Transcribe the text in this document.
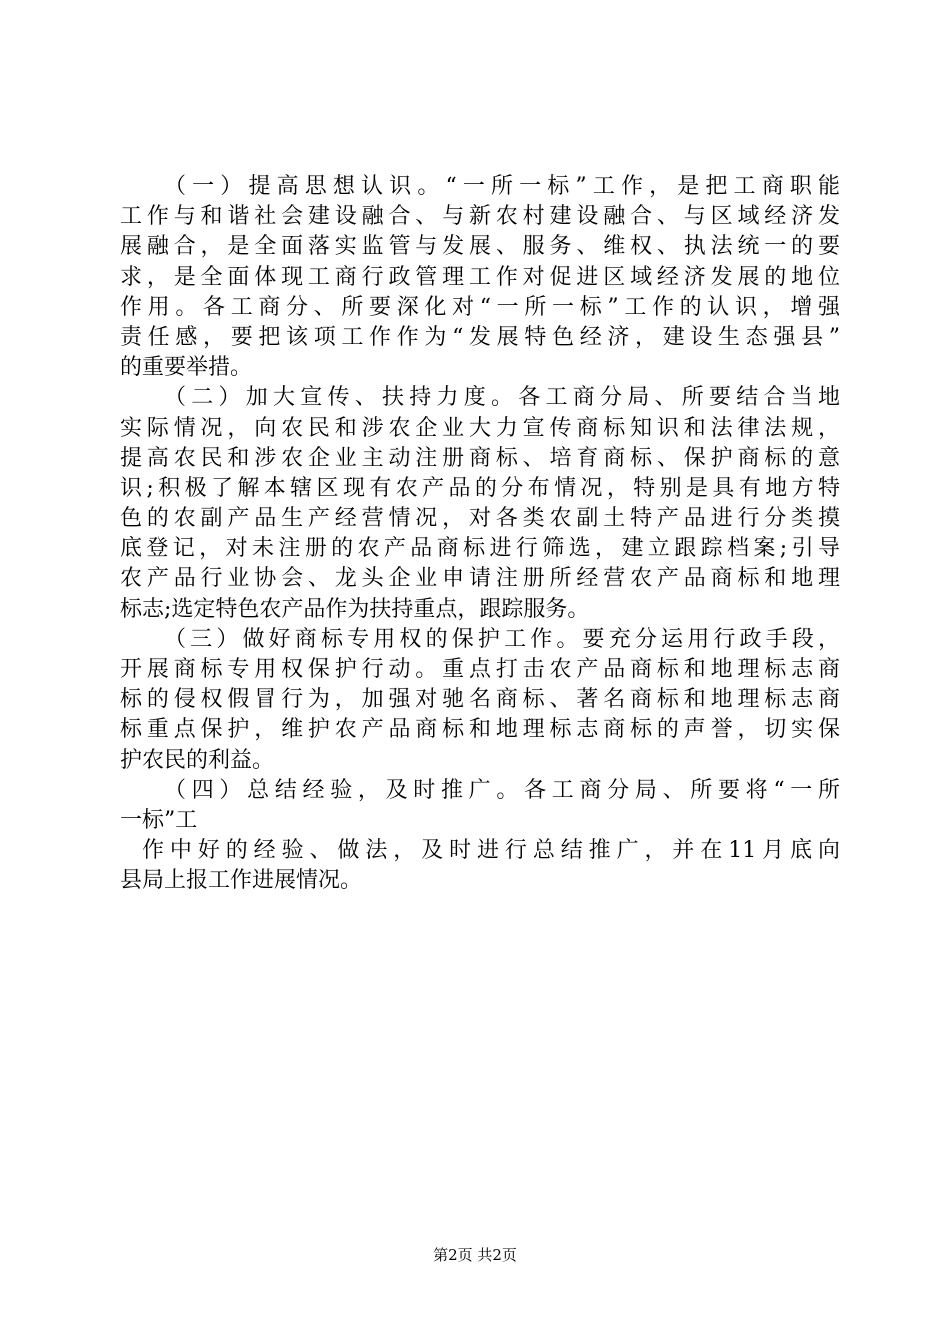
（一）提高思想认识。“一所一标”工作，是把工商职能
工作与和谐社会建设融合、与新农村建设融合、与区域经济发
展融合，是全面落实监管与发展、服务、维权、执法统一的要
求，是全面体现工商行政管理工作对促进区域经济发展的地位
作用。各工商分、所要深化对“一所一标”工作的认识，增强
责任感，要把该项工作作为“发展特色经济，建设生态强县”
的重要举措。
（二）加大宣传、扶持力度。各工商分局、所要结合当地
实际情况，向农民和涉农企业大力宣传商标知识和法律法规，
提高农民和涉农企业主动注册商标、培育商标、保护商标的意
识;积极了解本辖区现有农产品的分布情况，特别是具有地方特
色的农副产品生产经营情况，对各类农副土特产品进行分类摸
底登记，对未注册的农产品商标进行筛选，建立跟踪档案;引导
农产品行业协会、龙头企业申请注册所经营农产品商标和地理
标志;选定特色农产品作为扶持重点，跟踪服务。
（三）做好商标专用权的保护工作。要充分运用行政手段，
开展商标专用权保护行动。重点打击农产品商标和地理标志商
标的侵权假冒行为，加强对驰名商标、著名商标和地理标志商
标重点保护，维护农产品商标和地理标志商标的声誉，切实保
护农民的利益。
（四）总结经验，及时推广。各工商分局、所要将“一所
一标”工
作中好的经验、做法，及时进行总结推广，并在11月底向
县局上报工作进展情况。
第2页 共2页
